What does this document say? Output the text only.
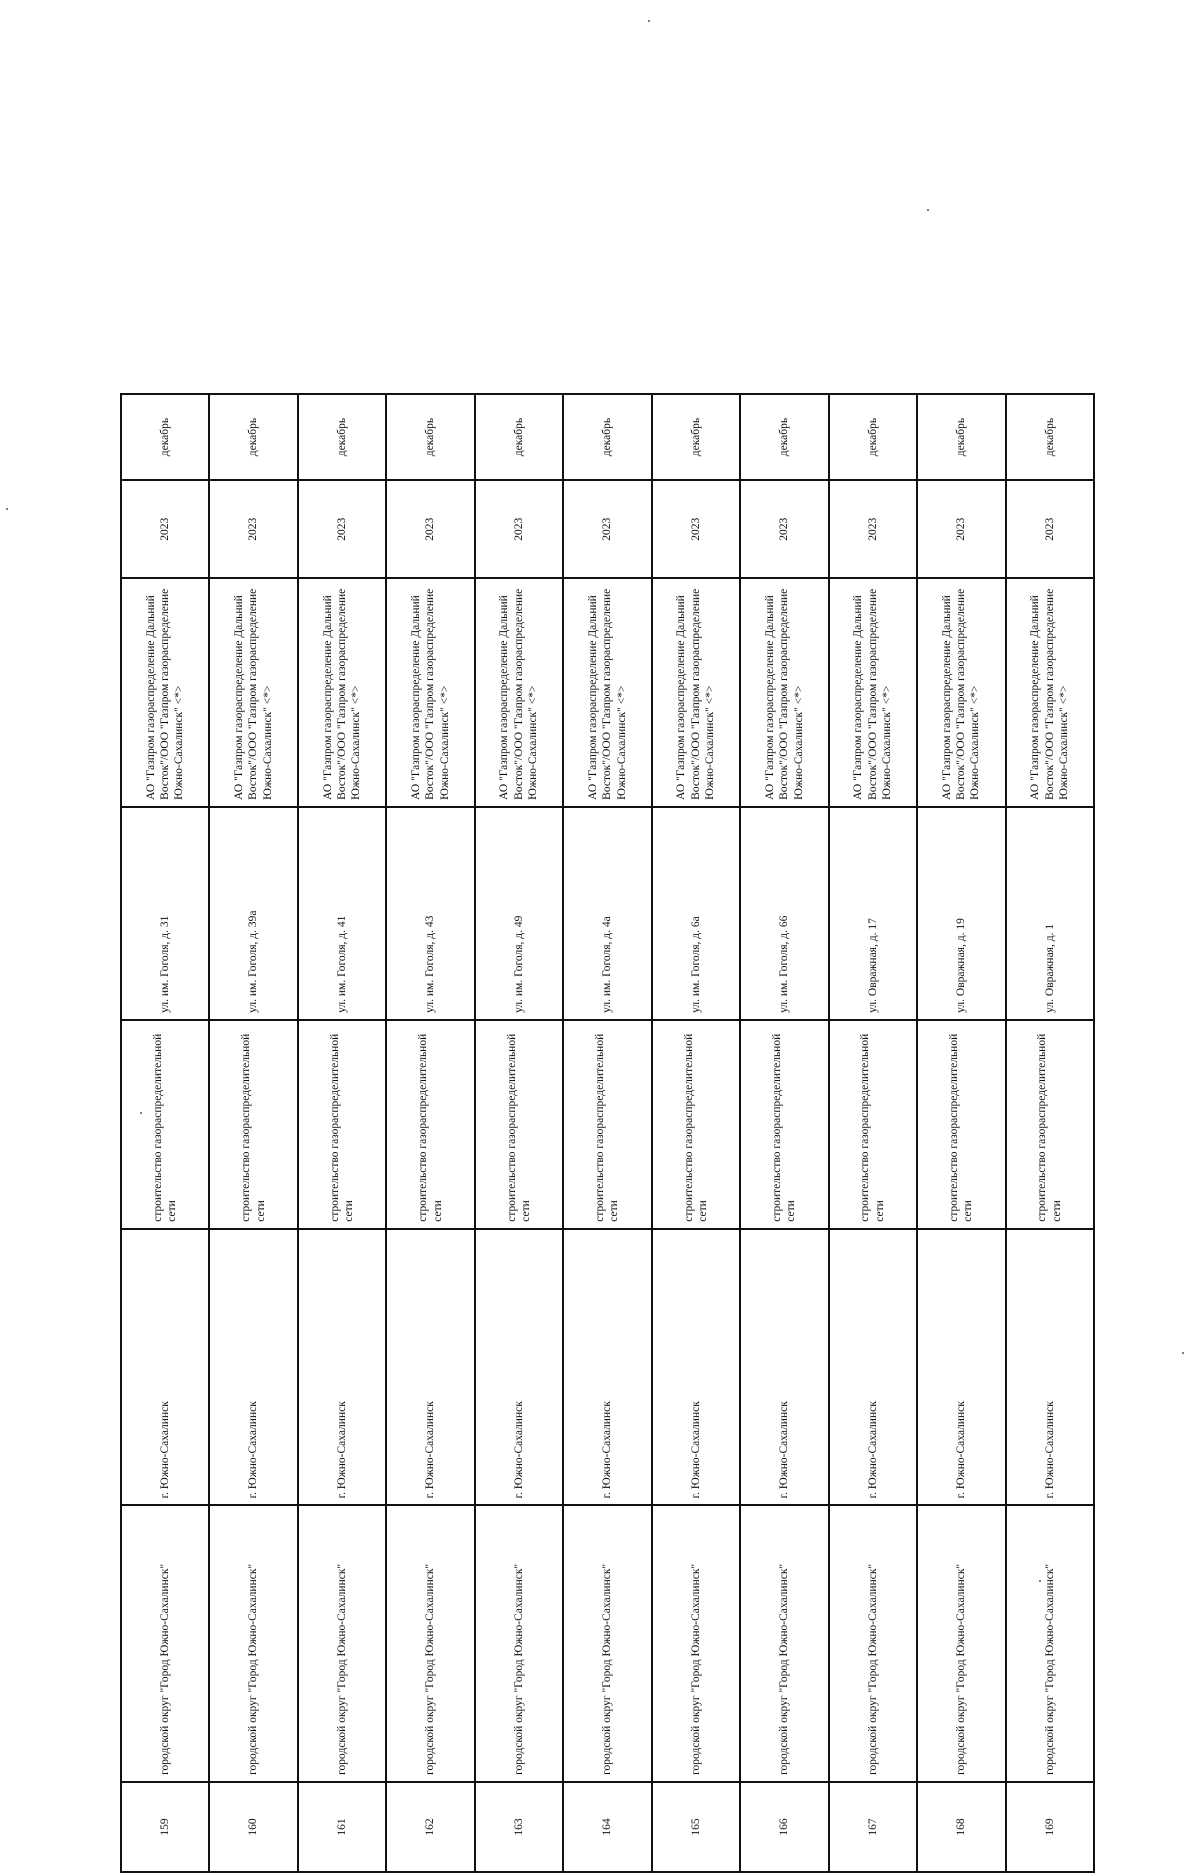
159	городской округ "Город Южно-Сахалинск"	г. Южно-Сахалинск	строительство газораспределительной сети	ул. им. Гоголя, д. 31	АО "Газпром газораспределение Дальний Восток"/ООО "Газпром газораспределение Южно-Сахалинск" <*>	2023	декабрь
160	городской округ "Город Южно-Сахалинск"	г. Южно-Сахалинск	строительство газораспределительной сети	ул. им. Гоголя, д. 39а	АО "Газпром газораспределение Дальний Восток"/ООО "Газпром газораспределение Южно-Сахалинск" <*>	2023	декабрь
161	городской округ "Город Южно-Сахалинск"	г. Южно-Сахалинск	строительство газораспределительной сети	ул. им. Гоголя, д. 41	АО "Газпром газораспределение Дальний Восток"/ООО "Газпром газораспределение Южно-Сахалинск" <*>	2023	декабрь
162	городской округ "Город Южно-Сахалинск"	г. Южно-Сахалинск	строительство газораспределительной сети	ул. им. Гоголя, д. 43	АО "Газпром газораспределение Дальний Восток"/ООО "Газпром газораспределение Южно-Сахалинск" <*>	2023	декабрь
163	городской округ "Город Южно-Сахалинск"	г. Южно-Сахалинск	строительство газораспределительной сети	ул. им. Гоголя, д. 49	АО "Газпром газораспределение Дальний Восток"/ООО "Газпром газораспределение Южно-Сахалинск" <*>	2023	декабрь
164	городской округ "Город Южно-Сахалинск"	г. Южно-Сахалинск	строительство газораспределительной сети	ул. им. Гоголя, д. 4а	АО "Газпром газораспределение Дальний Восток"/ООО "Газпром газораспределение Южно-Сахалинск" <*>	2023	декабрь
165	городской округ "Город Южно-Сахалинск"	г. Южно-Сахалинск	строительство газораспределительной сети	ул. им. Гоголя, д. 6а	АО "Газпром газораспределение Дальний Восток"/ООО "Газпром газораспределение Южно-Сахалинск" <*>	2023	декабрь
166	городской округ "Город Южно-Сахалинск"	г. Южно-Сахалинск	строительство газораспределительной сети	ул. им. Гоголя, д. 66	АО "Газпром газораспределение Дальний Восток"/ООО "Газпром газораспределение Южно-Сахалинск" <*>	2023	декабрь
167	городской округ "Город Южно-Сахалинск"	г. Южно-Сахалинск	строительство газораспределительной сети	ул. Овражная, д. 17	АО "Газпром газораспределение Дальний Восток"/ООО "Газпром газораспределение Южно-Сахалинск" <*>	2023	декабрь
168	городской округ "Город Южно-Сахалинск"	г. Южно-Сахалинск	строительство газораспределительной сети	ул. Овражная, д. 19	АО "Газпром газораспределение Дальний Восток"/ООО "Газпром газораспределение Южно-Сахалинск" <*>	2023	декабрь
169	городской округ "Город Южно-Сахалинск"	г. Южно-Сахалинск	строительство газораспределительной сети	ул. Овражная, д. 1	АО "Газпром газораспределение Дальний Восток"/ООО "Газпром газораспределение Южно-Сахалинск" <*>	2023	декабрь
